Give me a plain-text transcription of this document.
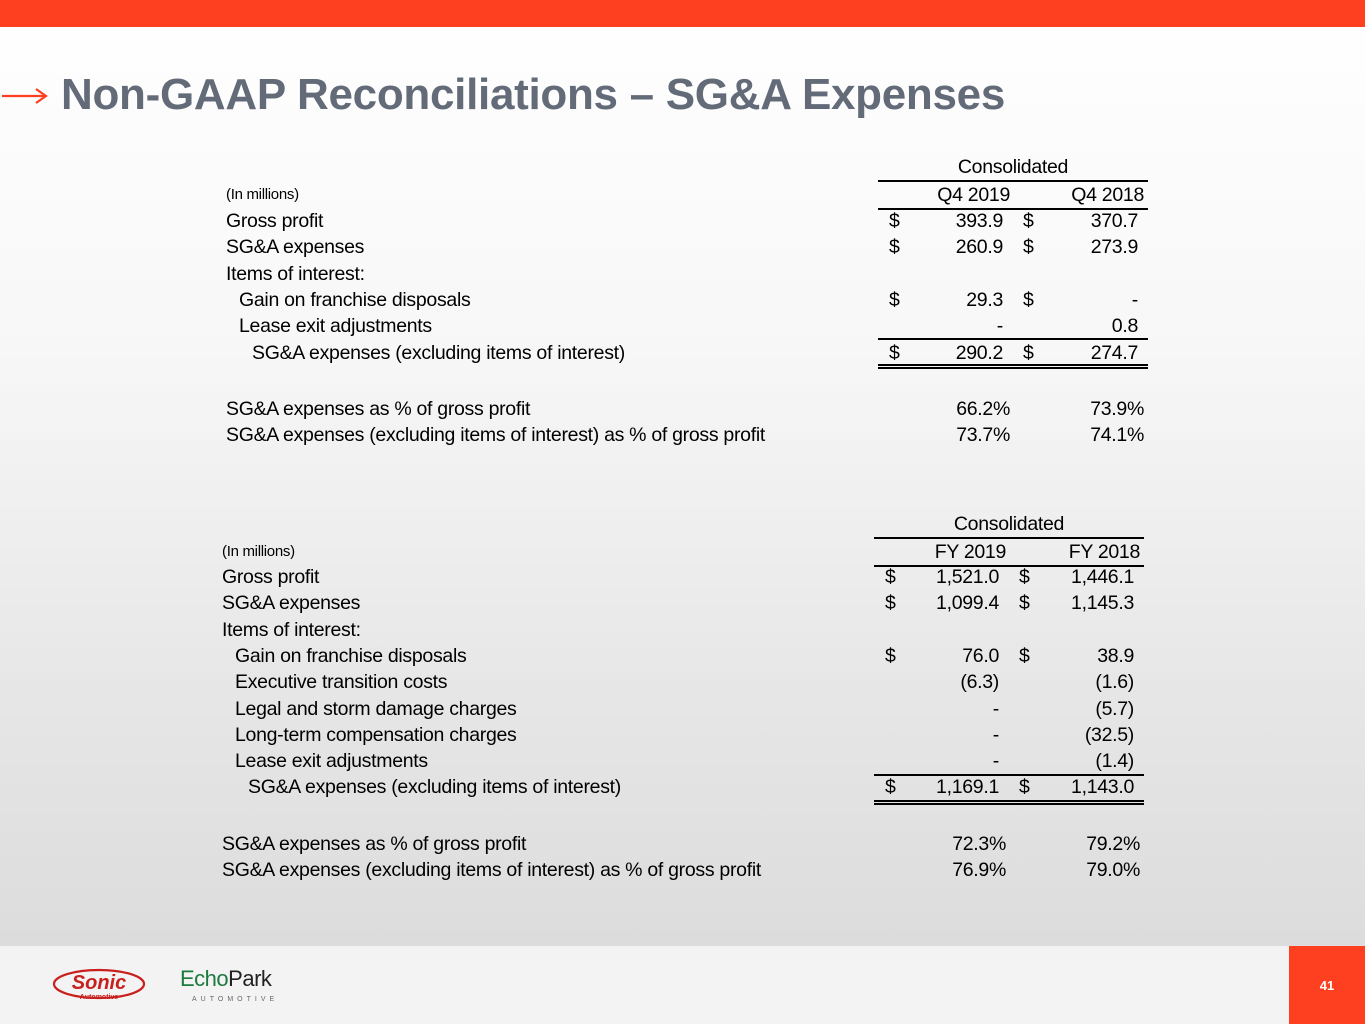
Non-GAAP Reconciliations – SG&A Expenses
Consolidated
(In millions)	Q4 2019	Q4 2018
Gross profit	$	393.9 $	370.7
SG&A expenses	$	260.9 $	273.9
Items of interest:
Gain on franchise disposals	$	29.3 $	-
Lease exit adjustments	-	0.8
SG&A expenses (excluding items of interest)	$	290.2 $	274.7
SG&A expenses as % of gross profit	66.2%	73.9%
SG&A expenses (excluding items of interest) as % of gross profit	73.7%	74.1%
Consolidated
(In millions)	FY 2019	FY 2018
Gross profit	$	1,521.0 $	1,446.1
SG&A expenses	$	1,099.4 $	1,145.3
Items of interest:
Gain on franchise disposals	$	76.0 $	38.9
Executive transition costs	(6.3)	(1.6)
Legal and storm damage charges	-	(5.7)
Long-term compensation charges	-	(32.5)
Lease exit adjustments	-	(1.4)
SG&A expenses (excluding items of interest)	$	1,169.1 $	1,143.0
SG&A expenses as % of gross profit	72.3%	79.2%
SG&A expenses (excluding items of interest) as % of gross profit	76.9%	79.0%
Sonic
Automotive
EchoPark
AUTOMOTIVE
41
